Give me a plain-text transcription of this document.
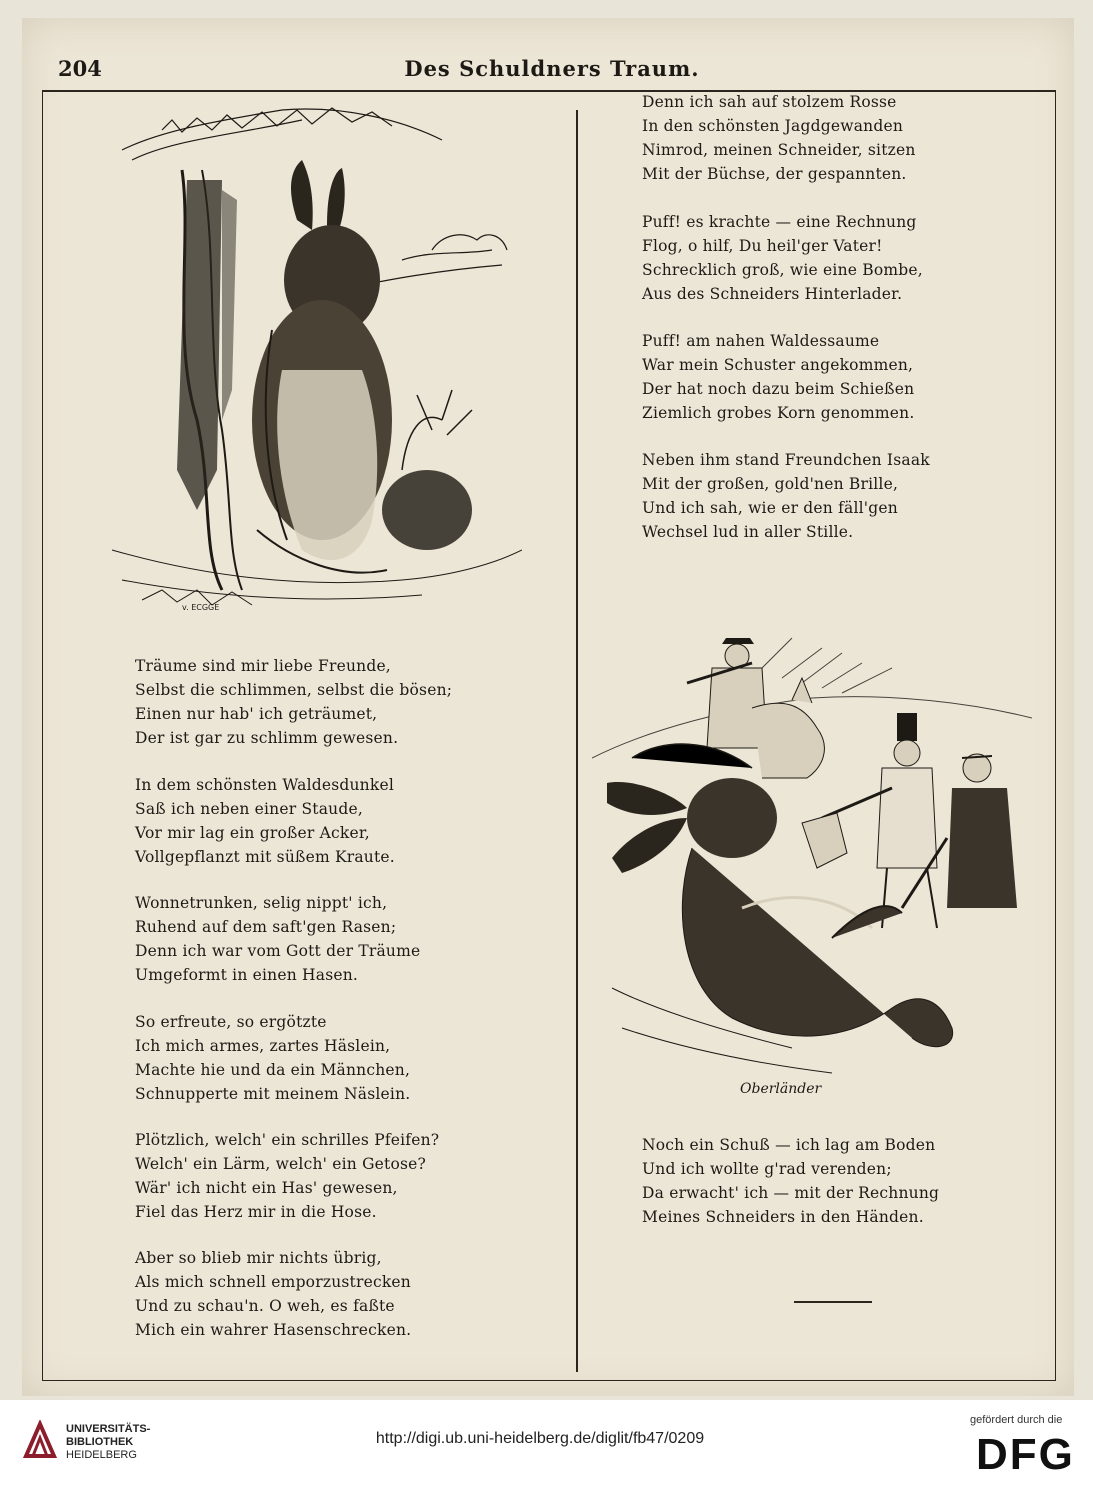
204	Des Schuldners Traum.
v. ECGGE
Oberländer
Träume sind mir liebe Freunde,
Selbst die schlimmen, selbst die bösen;
Einen nur hab' ich geträumet,
Der ist gar zu schlimm gewesen.
In dem schönsten Waldesdunkel
Saß ich neben einer Staude,
Vor mir lag ein großer Acker,
Vollgepflanzt mit süßem Kraute.
Wonnetrunken, selig nippt' ich,
Ruhend auf dem saft'gen Rasen;
Denn ich war vom Gott der Träume
Umgeformt in einen Hasen.
So erfreute, so ergötzte
Ich mich armes, zartes Häslein,
Machte hie und da ein Männchen,
Schnupperte mit meinem Näslein.
Plötzlich, welch' ein schrilles Pfeifen?
Welch' ein Lärm, welch' ein Getose?
Wär' ich nicht ein Has' gewesen,
Fiel das Herz mir in die Hose.
Aber so blieb mir nichts übrig,
Als mich schnell emporzustrecken
Und zu schau'n. O weh, es faßte
Mich ein wahrer Hasenschrecken.
Denn ich sah auf stolzem Rosse
In den schönsten Jagdgewanden
Nimrod, meinen Schneider, sitzen
Mit der Büchse, der gespannten.
Puff! es krachte — eine Rechnung
Flog, o hilf, Du heil'ger Vater!
Schrecklich groß, wie eine Bombe,
Aus des Schneiders Hinterlader.
Puff! am nahen Waldessaume
War mein Schuster angekommen,
Der hat noch dazu beim Schießen
Ziemlich grobes Korn genommen.
Neben ihm stand Freundchen Isaak
Mit der großen, gold'nen Brille,
Und ich sah, wie er den fäll'gen
Wechsel lud in aller Stille.
Noch ein Schuß — ich lag am Boden
Und ich wollte g'rad verenden;
Da erwacht' ich — mit der Rechnung
Meines Schneiders in den Händen.
UNIVERSITÄTS-
BIBLIOTHEK
HEIDELBERG
http://digi.ub.uni-heidelberg.de/diglit/fb47/0209
gefördert durch die
DFG
